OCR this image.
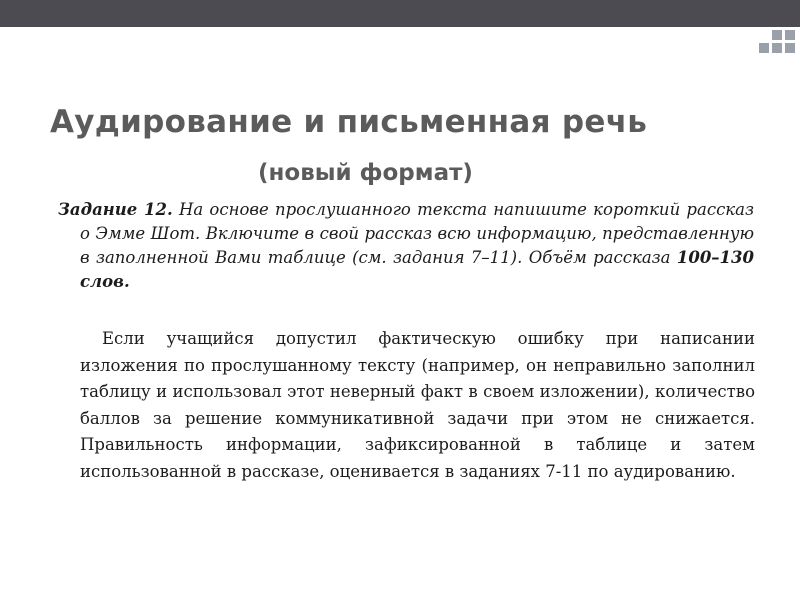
Аудирование и письменная речь
(новый формат)

Задание 12. На основе прослушанного текста напишите короткий рассказ о Эмме Шот. Включите в свой рассказ всю информацию, представленную в заполненной Вами таблице (см. задания 7–11). Объём рассказа 100–130 слов.

Если учащийся допустил фактическую ошибку при написании изложения по прослушанному тексту (например, он неправильно заполнил таблицу и использовал этот неверный факт в своем изложении), количество баллов за решение коммуникативной задачи при этом не снижается. Правильность информации, зафиксированной в таблице и затем использованной в рассказе, оценивается в заданиях 7-11 по аудированию.
